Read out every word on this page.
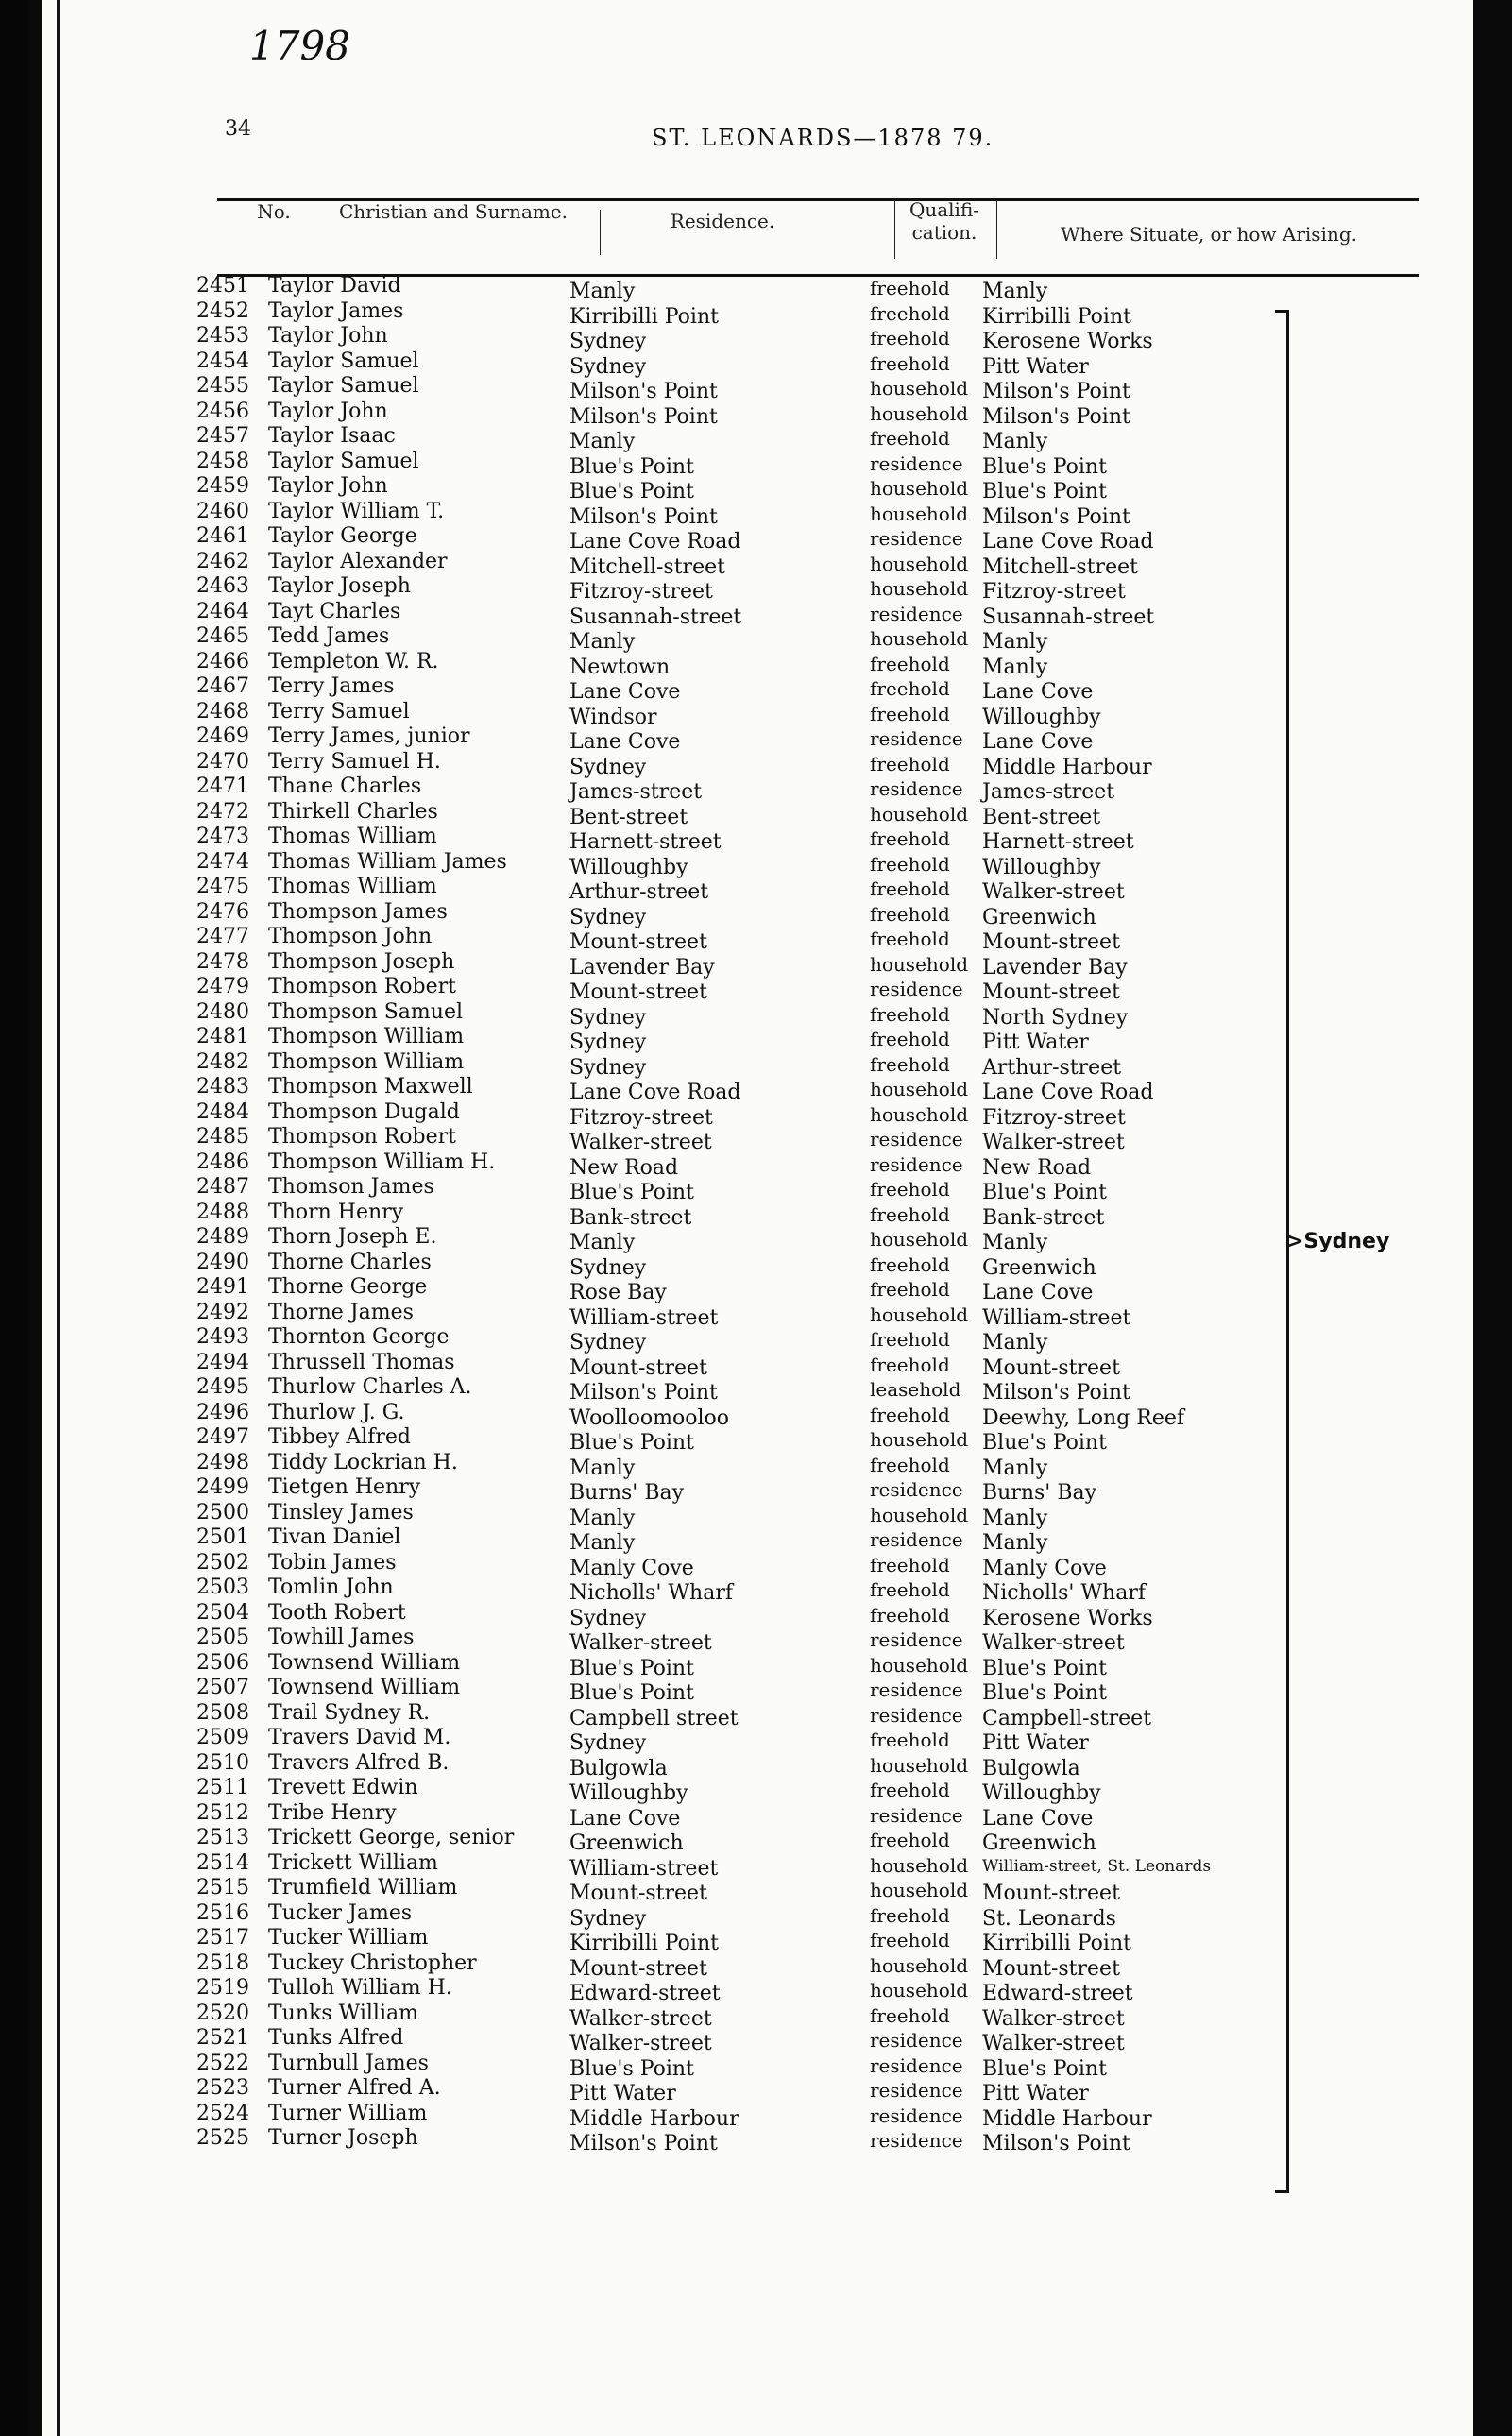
1798
34	ST. LEONARDS—1878 79.
No.	Christian and Surname.	Residence.	Qualifi-
cation.	Where Situate, or how Arising.
2451 Taylor David	Manly	freehold Manly
2452 Taylor James	Kirribilli Point	freehold Kirribilli Point
2453 Taylor John	Sydney	freehold Kerosene Works
2454 Taylor Samuel	Sydney	freehold Pitt Water
2455 Taylor Samuel	Milson's Point	household Milson's Point
2456 Taylor John	Milson's Point	household Milson's Point
2457 Taylor Isaac	Manly	freehold Manly
2458 Taylor Samuel	Blue's Point	residence Blue's Point
2459 Taylor John	Blue's Point	household Blue's Point
2460 Taylor William T.	Milson's Point	household Milson's Point
2461 Taylor George	Lane Cove Road	residence Lane Cove Road
2462 Taylor Alexander	Mitchell-street	household Mitchell-street
2463 Taylor Joseph	Fitzroy-street	household Fitzroy-street
2464 Tayt Charles	Susannah-street	residence Susannah-street
2465 Tedd James	Manly	household Manly
2466 Templeton W. R.	Newtown	freehold Manly
2467 Terry James	Lane Cove	freehold Lane Cove
2468 Terry Samuel	Windsor	freehold Willoughby
2469 Terry James, junior	Lane Cove	residence Lane Cove
2470 Terry Samuel H.	Sydney	freehold Middle Harbour
2471 Thane Charles	James-street	residence James-street
2472 Thirkell Charles	Bent-street	household Bent-street
2473 Thomas William	Harnett-street	freehold Harnett-street
2474 Thomas William James	Willoughby	freehold Willoughby
2475 Thomas William	Arthur-street	freehold Walker-street
2476 Thompson James	Sydney	freehold Greenwich
2477 Thompson John	Mount-street	freehold Mount-street
2478 Thompson Joseph	Lavender Bay	household Lavender Bay
2479 Thompson Robert	Mount-street	residence Mount-street
2480 Thompson Samuel	Sydney	freehold North Sydney
2481 Thompson William	Sydney	freehold Pitt Water
2482 Thompson William	Sydney	freehold Arthur-street
2483 Thompson Maxwell	Lane Cove Road	household Lane Cove Road
2484 Thompson Dugald	Fitzroy-street	household Fitzroy-street
2485 Thompson Robert	Walker-street	residence Walker-street
2486 Thompson William H.	New Road	residence New Road
2487 Thomson James	Blue's Point	freehold Blue's Point
2488 Thorn Henry	Bank-street	freehold Bank-street
2489 Thorn Joseph E.	Manly	household Manly
2490 Thorne Charles	Sydney	freehold Greenwich
2491 Thorne George	Rose Bay	freehold Lane Cove
2492 Thorne James	William-street	household William-street
2493 Thornton George	Sydney	freehold Manly
2494 Thrussell Thomas	Mount-street	freehold Mount-street
2495 Thurlow Charles A.	Milson's Point	leasehold Milson's Point
2496 Thurlow J. G.	Woolloomooloo	freehold Deewhy, Long Reef
2497 Tibbey Alfred	Blue's Point	household Blue's Point
2498 Tiddy Lockrian H.	Manly	freehold Manly
2499 Tietgen Henry	Burns' Bay	residence Burns' Bay
2500 Tinsley James	Manly	household Manly
2501 Tivan Daniel	Manly	residence Manly
2502 Tobin James	Manly Cove	freehold Manly Cove
2503 Tomlin John	Nicholls' Wharf	freehold Nicholls' Wharf
2504 Tooth Robert	Sydney	freehold Kerosene Works
2505 Towhill James	Walker-street	residence Walker-street
2506 Townsend William	Blue's Point	household Blue's Point
2507 Townsend William	Blue's Point	residence Blue's Point
2508 Trail Sydney R.	Campbell street	residence Campbell-street
2509 Travers David M.	Sydney	freehold Pitt Water
2510 Travers Alfred B.	Bulgowla	household Bulgowla
2511 Trevett Edwin	Willoughby	freehold Willoughby
2512 Tribe Henry	Lane Cove	residence Lane Cove
2513 Trickett George, senior	Greenwich	freehold Greenwich
2514 Trickett William	William-street	household William-street, St. Leonards
2515 Trumfield William	Mount-street	household Mount-street
2516 Tucker James	Sydney	freehold St. Leonards
2517 Tucker William	Kirribilli Point	freehold Kirribilli Point
2518 Tuckey Christopher	Mount-street	household Mount-street
2519 Tulloh William H.	Edward-street	household Edward-street
2520 Tunks William	Walker-street	freehold Walker-street
2521 Tunks Alfred	Walker-street	residence Walker-street
2522 Turnbull James	Blue's Point	residence Blue's Point
2523 Turner Alfred A.	Pitt Water	residence Pitt Water
2524 Turner William	Middle Harbour	residence Middle Harbour
2525 Turner Joseph	Milson's Point	residence Milson's Point
>Sydney
